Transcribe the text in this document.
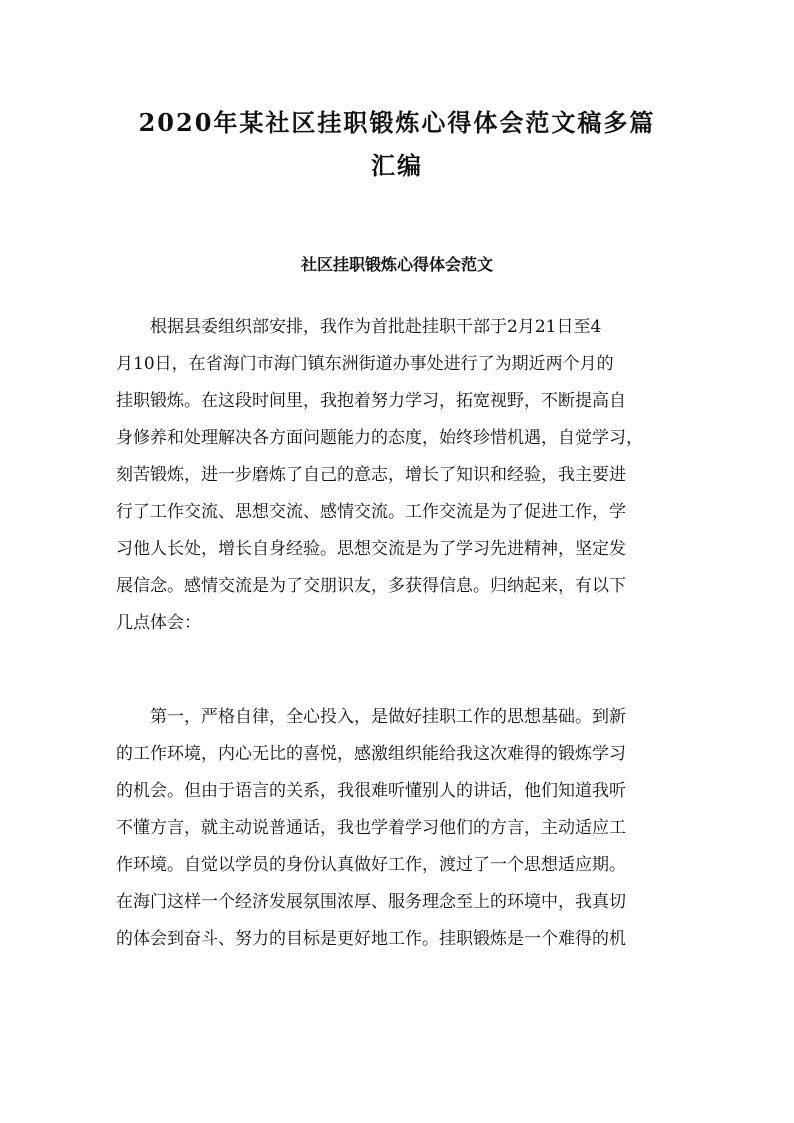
2020年某社区挂职锻炼心得体会范文稿多篇
汇编
社区挂职锻炼心得体会范文

根据县委组织部安排，我作为首批赴挂职干部于2月21日至4
月10日，在省海门市海门镇东洲街道办事处进行了为期近两个月的
挂职锻炼。在这段时间里，我抱着努力学习，拓宽视野，不断提高自
身修养和处理解决各方面问题能力的态度，始终珍惜机遇，自觉学习，
刻苦锻炼，进一步磨炼了自己的意志，增长了知识和经验，我主要进
行了工作交流、思想交流、感情交流。工作交流是为了促进工作，学
习他人长处，增长自身经验。思想交流是为了学习先进精神，坚定发
展信念。感情交流是为了交朋识友，多获得信息。归纳起来，有以下
几点体会：

第一，严格自律，全心投入，是做好挂职工作的思想基础。到新
的工作环境，内心无比的喜悦，感激组织能给我这次难得的锻炼学习
的机会。但由于语言的关系，我很难听懂别人的讲话，他们知道我听
不懂方言，就主动说普通话，我也学着学习他们的方言，主动适应工
作环境。自觉以学员的身份认真做好工作，渡过了一个思想适应期。
在海门这样一个经济发展氛围浓厚、服务理念至上的环境中，我真切
的体会到奋斗、努力的目标是更好地工作。挂职锻炼是一个难得的机
